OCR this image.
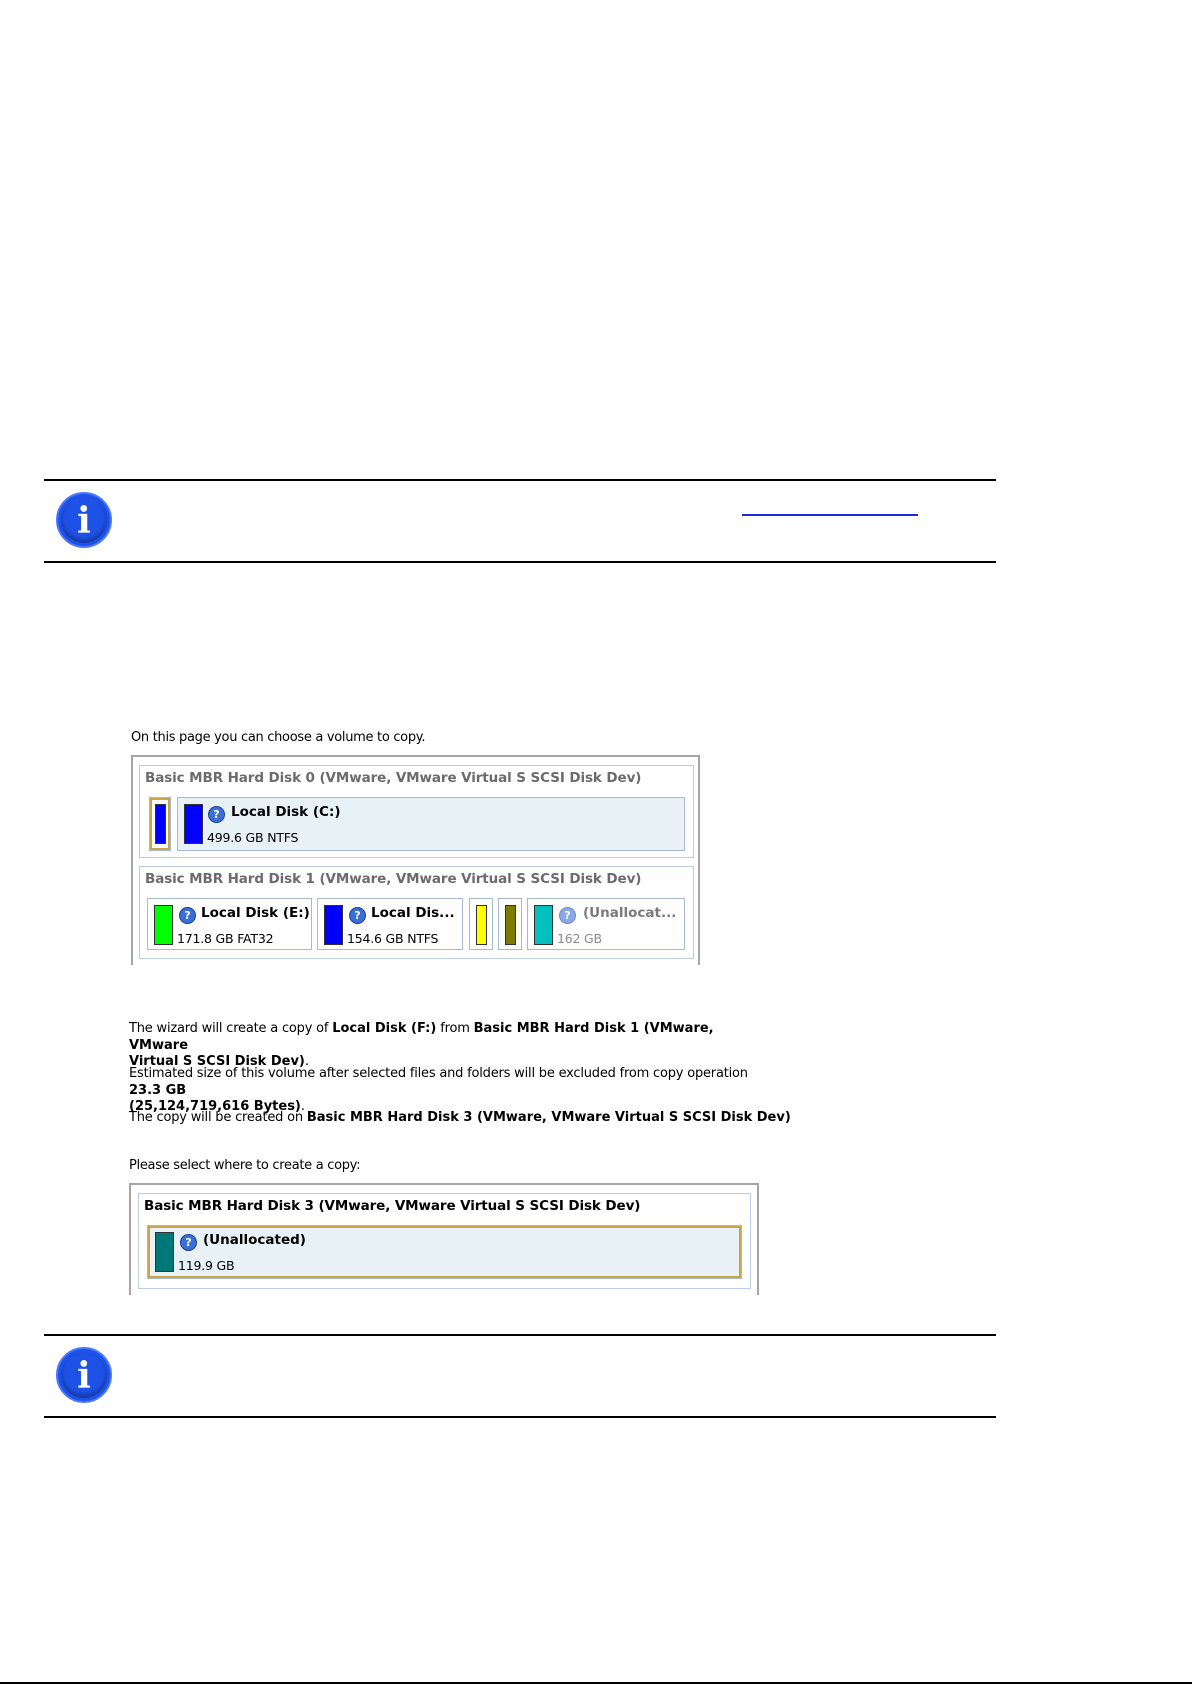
i
On this page you can choose a volume to copy.
Basic MBR Hard Disk 0 (VMware, VMware Virtual S SCSI Disk Dev)
? Local Disk (C:)
499.6 GB NTFS
Basic MBR Hard Disk 1 (VMware, VMware Virtual S SCSI Disk Dev)
? Local Disk (E:)
171.8 GB FAT32
? Local Dis...
154.6 GB NTFS
? (Unallocat...
162 GB
The wizard will create a copy of Local Disk (F:) from Basic MBR Hard Disk 1 (VMware, VMware
Virtual S SCSI Disk Dev).
Estimated size of this volume after selected files and folders will be excluded from copy operation 23.3 GB
(25,124,719,616 Bytes).
The copy will be created on Basic MBR Hard Disk 3 (VMware, VMware Virtual S SCSI Disk Dev)
Please select where to create a copy:
Basic MBR Hard Disk 3 (VMware, VMware Virtual S SCSI Disk Dev)
? (Unallocated)
119.9 GB
i
